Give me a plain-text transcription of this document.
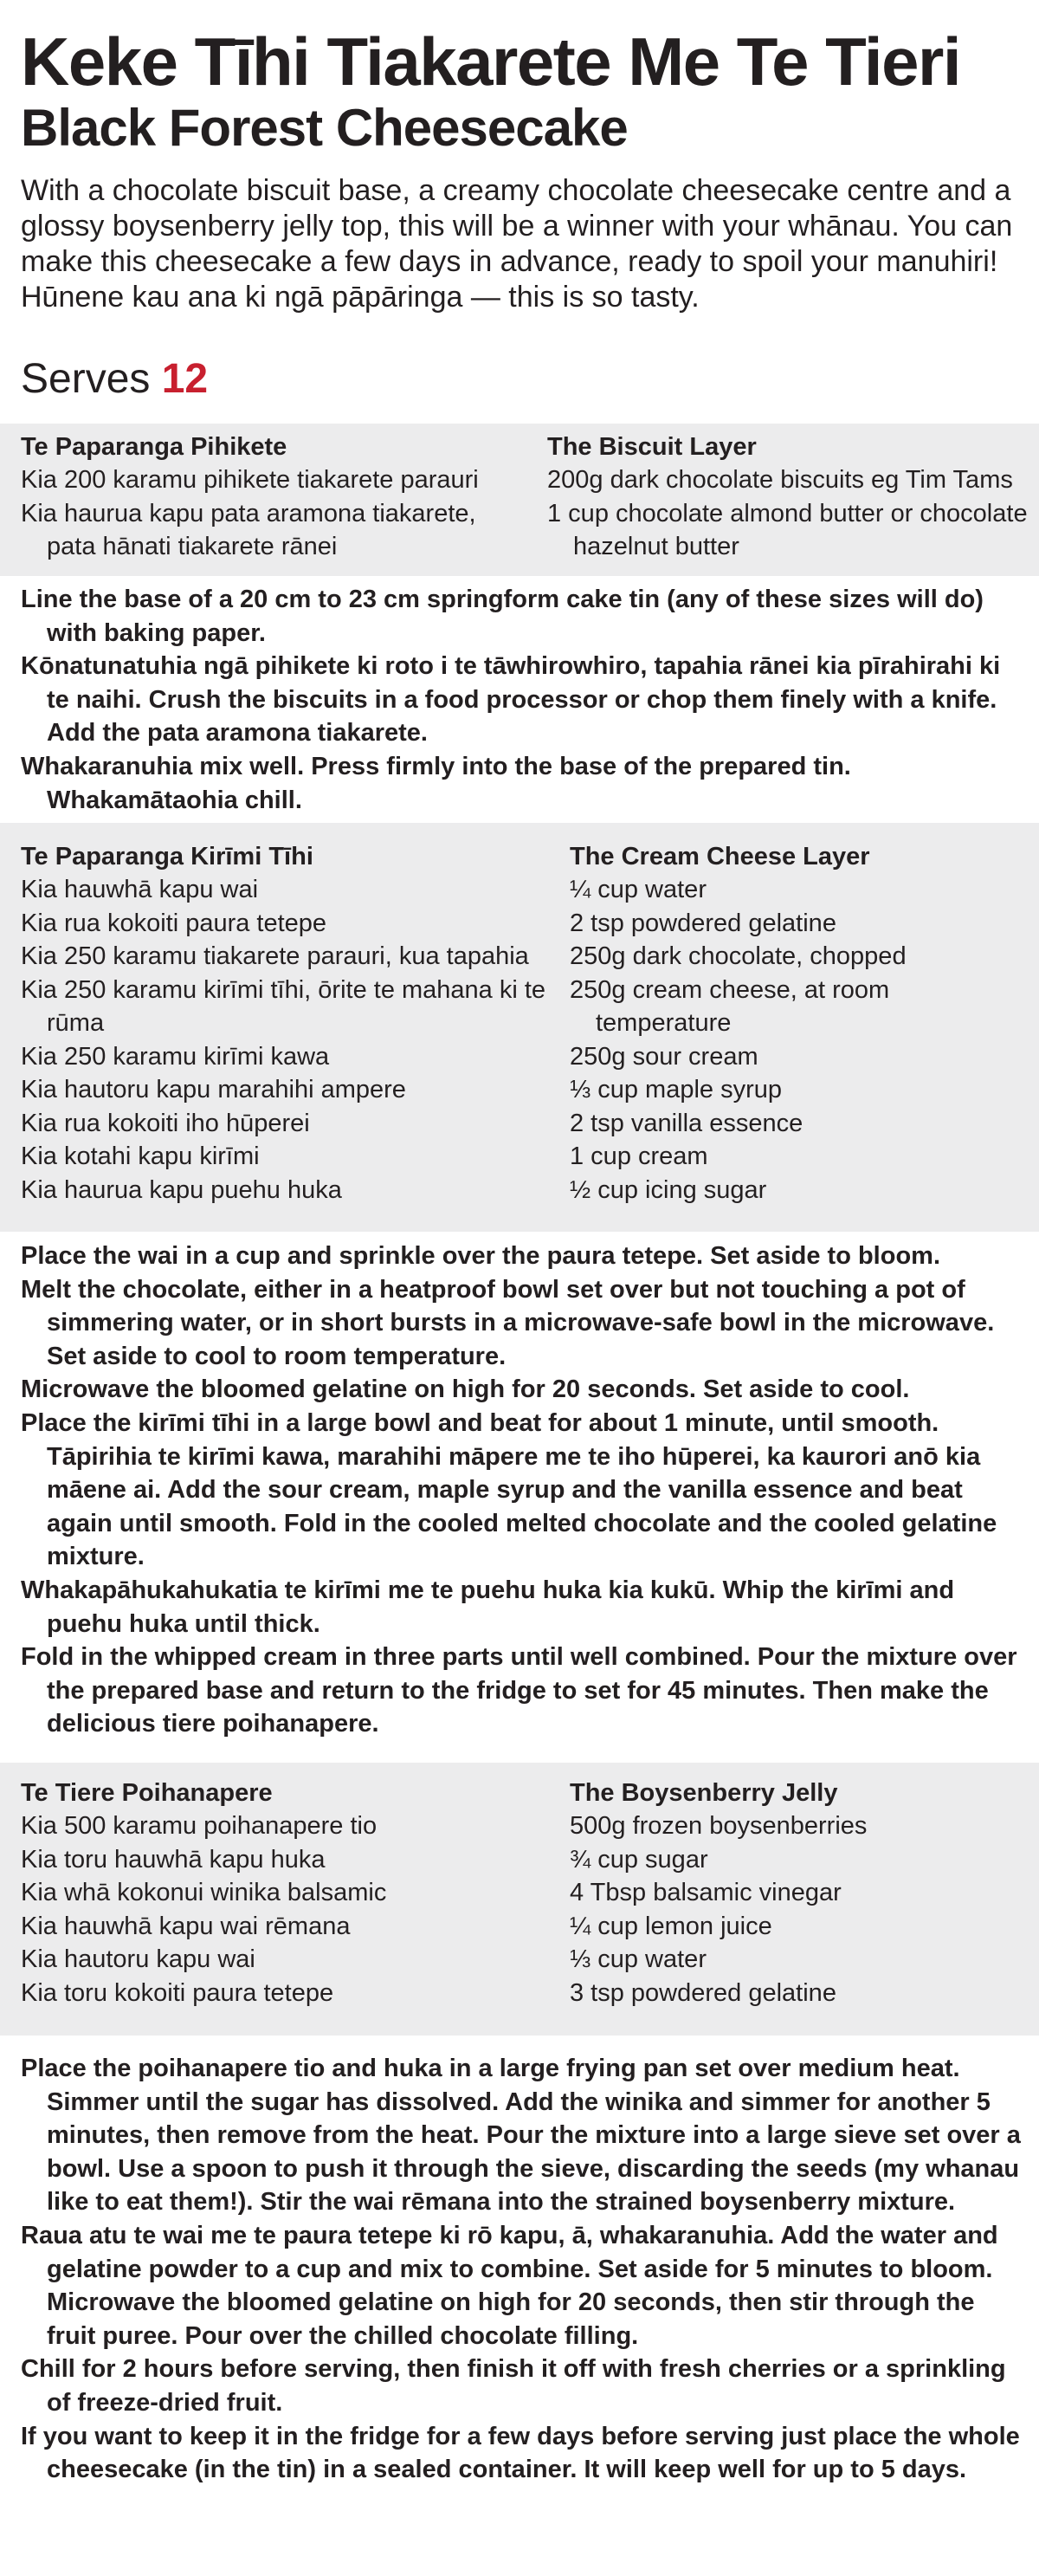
Keke Tīhi Tiakarete Me Te Tieri
Black Forest Cheesecake

With a chocolate biscuit base, a creamy chocolate cheesecake centre and a glossy boysenberry jelly top, this will be a winner with your whānau. You can make this cheesecake a few days in advance, ready to spoil your manuhiri! Hūnene kau ana ki ngā pāpāringa — this is so tasty.

Serves 12
Te Paparanga Pihikete
Kia 200 karamu pihikete tiakarete parauri
Kia haurua kapu pata aramona tiakarete, pata hānati tiakarete rānei
The Biscuit Layer
200g dark chocolate biscuits eg Tim Tams
1 cup chocolate almond butter or chocolate hazelnut butter
Line the base of a 20 cm to 23 cm springform cake tin (any of these sizes will do) with baking paper.
Kōnatunatuhia ngā pihikete ki roto i te tāwhirowhiro, tapahia rānei kia pīrahirahi ki te naihi. Crush the biscuits in a food processor or chop them finely with a knife. Add the pata aramona tiakarete.
Whakaranuhia mix well. Press firmly into the base of the prepared tin. Whakamātaohia chill.
Te Paparanga Kirīmi Tīhi
Kia hauwhā kapu wai
Kia rua kokoiti paura tetepe
Kia 250 karamu tiakarete parauri, kua tapahia
Kia 250 karamu kirīmi tīhi, ōrite te mahana ki te rūma
Kia 250 karamu kirīmi kawa
Kia hautoru kapu marahihi ampere
Kia rua kokoiti iho hūperei
Kia kotahi kapu kirīmi
Kia haurua kapu puehu huka
The Cream Cheese Layer
¼ cup water
2 tsp powdered gelatine
250g dark chocolate, chopped
250g cream cheese, at room temperature
250g sour cream
⅓ cup maple syrup
2 tsp vanilla essence
1 cup cream
½ cup icing sugar
Place the wai in a cup and sprinkle over the paura tetepe. Set aside to bloom.
Melt the chocolate, either in a heatproof bowl set over but not touching a pot of simmering water, or in short bursts in a microwave-safe bowl in the microwave. Set aside to cool to room temperature.
Microwave the bloomed gelatine on high for 20 seconds. Set aside to cool.
Place the kirīmi tīhi in a large bowl and beat for about 1 minute, until smooth. Tāpirihia te kirīmi kawa, marahihi māpere me te iho hūperei, ka kaurori anō kia māene ai. Add the sour cream, maple syrup and the vanilla essence and beat again until smooth. Fold in the cooled melted chocolate and the cooled gelatine mixture.
Whakapāhukahukatia te kirīmi me te puehu huka kia kukū. Whip the kirīmi and puehu huka until thick.
Fold in the whipped cream in three parts until well combined. Pour the mixture over the prepared base and return to the fridge to set for 45 minutes. Then make the delicious tiere poihanapere.
Te Tiere Poihanapere
Kia 500 karamu poihanapere tio
Kia toru hauwhā kapu huka
Kia whā kokonui winika balsamic
Kia hauwhā kapu wai rēmana
Kia hautoru kapu wai
Kia toru kokoiti paura tetepe
The Boysenberry Jelly
500g frozen boysenberries
¾ cup sugar
4 Tbsp balsamic vinegar
¼ cup lemon juice
⅓ cup water
3 tsp powdered gelatine
Place the poihanapere tio and huka in a large frying pan set over medium heat. Simmer until the sugar has dissolved. Add the winika and simmer for another 5 minutes, then remove from the heat. Pour the mixture into a large sieve set over a bowl. Use a spoon to push it through the sieve, discarding the seeds (my whanau like to eat them!). Stir the wai rēmana into the strained boysenberry mixture.
Raua atu te wai me te paura tetepe ki rō kapu, ā, whakaranuhia. Add the water and gelatine powder to a cup and mix to combine. Set aside for 5 minutes to bloom. Microwave the bloomed gelatine on high for 20 seconds, then stir through the fruit puree. Pour over the chilled chocolate filling.
Chill for 2 hours before serving, then finish it off with fresh cherries or a sprinkling of freeze-dried fruit.
If you want to keep it in the fridge for a few days before serving just place the whole cheesecake (in the tin) in a sealed container. It will keep well for up to 5 days.
